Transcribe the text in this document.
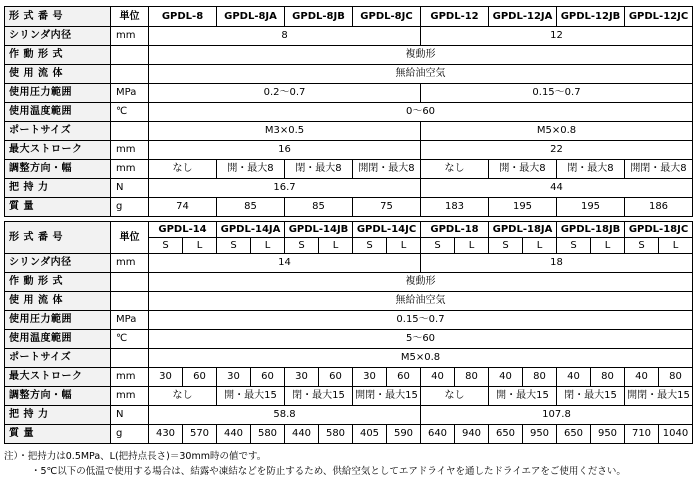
形 式 番 号	単位	GPDL-8	GPDL-8JA	GPDL-8JB	GPDL-8JC	GPDL-12	GPDL-12JA	GPDL-12JB	GPDL-12JC
シリンダ内径	mm	8				12			
作 動 形 式		複動形							
使 用 流 体		無給油空気							
使用圧力範囲	MPa	0.2～0.7				0.15～0.7			
使用温度範囲	℃	0～60							
ポートサイズ		M3×0.5				M5×0.8			
最大ストローク	mm	16				22			
調整方向・幅	mm	なし	開・最大8	閉・最大8	開閉・最大8	なし	開・最大8	閉・最大8	開閉・最大8
把 持 力	N	16.7				44			
質 量	g	74	85	85	75	183	195	195	186
形 式 番 号	単位	GPDL-14		GPDL-14JA		GPDL-14JB		GPDL-14JC		GPDL-18		GPDL-18JA		GPDL-18JB		GPDL-18JC	
		S	L	S	L	S	L	S	L	S	L	S	L	S	L	S	L
シリンダ内径	mm	14								18							
作 動 形 式		複動形															
使 用 流 体		無給油空気															
使用圧力範囲	MPa	0.15～0.7															
使用温度範囲	℃	5～60															
ポートサイズ		M5×0.8															
最大ストローク	mm	30	60	30	60	30	60	30	60	40	80	40	80	40	80	40	80
調整方向・幅	mm	なし		開・最大15		閉・最大15		開閉・最大15		なし		開・最大15		閉・最大15		開閉・最大15	
把 持 力	N	58.8								107.8							
質 量	g	430	570	440	580	440	580	405	590	640	940	650	950	650	950	710	1040
注）・把持力は0.5MPa、L(把持点長さ)＝30mm時の値です。
・5℃以下の低温で使用する場合は、結露や凍結などを防止するため、供給空気としてエアドライヤを通したドライエアをご使用ください。
